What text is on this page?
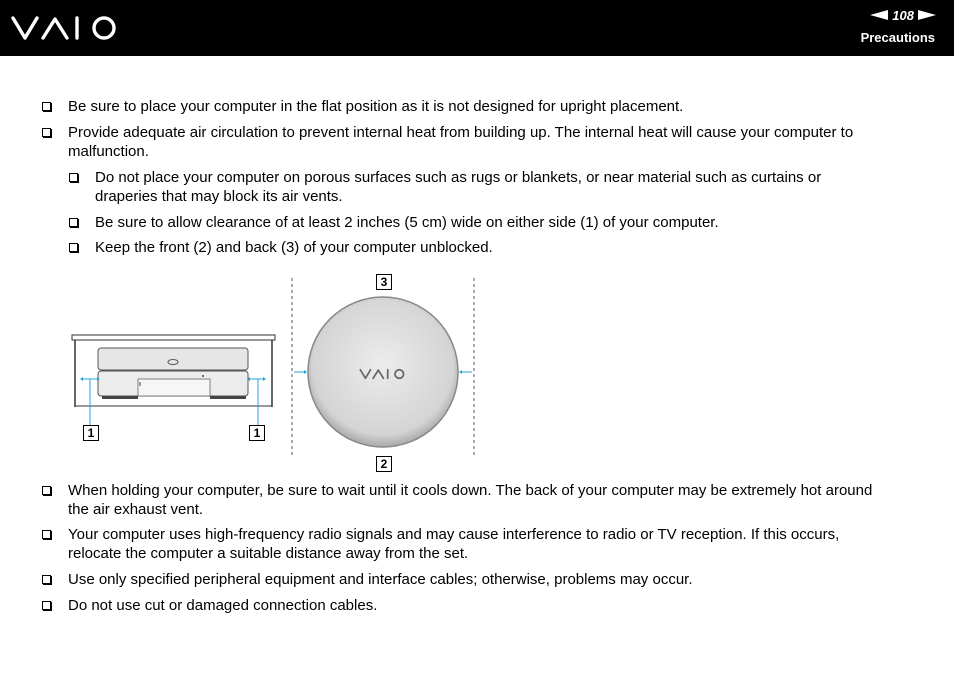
108
Precautions
Be sure to place your computer in the flat position as it is not designed for upright placement.
Provide adequate air circulation to prevent internal heat from building up. The internal heat will cause your computer to
malfunction.
Do not place your computer on porous surfaces such as rugs or blankets, or near material such as curtains or
draperies that may block its air vents.
Be sure to allow clearance of at least 2 inches (5 cm) wide on either side (1) of your computer.
Keep the front (2) and back (3) of your computer unblocked.
3
2
1	1
When holding your computer, be sure to wait until it cools down. The back of your computer may be extremely hot around
the air exhaust vent.
Your computer uses high-frequency radio signals and may cause interference to radio or TV reception. If this occurs,
relocate the computer a suitable distance away from the set.
Use only specified peripheral equipment and interface cables; otherwise, problems may occur.
Do not use cut or damaged connection cables.
